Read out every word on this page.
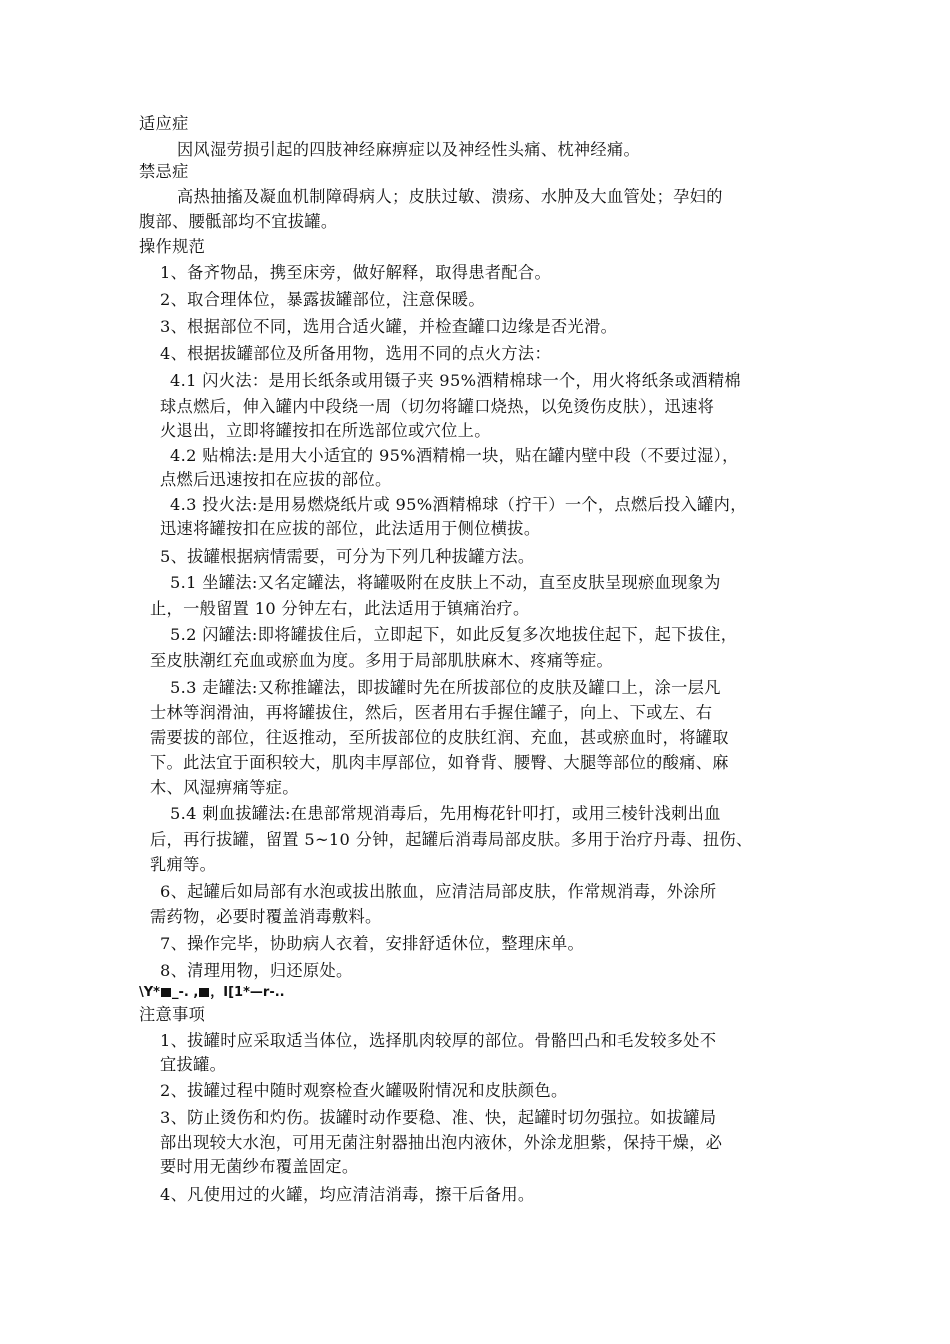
适应症
因风湿劳损引起的四肢神经麻痹症以及神经性头痛、枕神经痛。
禁忌症
高热抽搐及凝血机制障碍病人；皮肤过敏、溃疡、水肿及大血管处；孕妇的
腹部、腰骶部均不宜拔罐。
操作规范
1、备齐物品，携至床旁，做好解释，取得患者配合。
2、取合理体位，暴露拔罐部位，注意保暖。
3、根据部位不同，选用合适火罐，并检查罐口边缘是否光滑。
4、根据拔罐部位及所备用物，选用不同的点火方法：
4.1 闪火法：是用长纸条或用镊子夹 95%酒精棉球一个，用火将纸条或酒精棉
球点燃后，伸入罐内中段绕一周（切勿将罐口烧热，以免烫伤皮肤），迅速将
火退出，立即将罐按扣在所选部位或穴位上。
4.2 贴棉法:是用大小适宜的 95%酒精棉一块，贴在罐内壁中段（不要过湿），
点燃后迅速按扣在应拔的部位。
4.3 投火法:是用易燃烧纸片或 95%酒精棉球（拧干）一个，点燃后投入罐内，
迅速将罐按扣在应拔的部位，此法适用于侧位横拔。
5、拔罐根据病情需要，可分为下列几种拔罐方法。
5.1 坐罐法:又名定罐法，将罐吸附在皮肤上不动，直至皮肤呈现瘀血现象为
止，一般留置 10 分钟左右，此法适用于镇痛治疗。
5.2 闪罐法:即将罐拔住后，立即起下，如此反复多次地拔住起下，起下拔住，
至皮肤潮红充血或瘀血为度。多用于局部肌肤麻木、疼痛等症。
5.3 走罐法:又称推罐法，即拔罐时先在所拔部位的皮肤及罐口上，涂一层凡
士林等润滑油，再将罐拔住，然后，医者用右手握住罐子，向上、下或左、右
需要拔的部位，往返推动，至所拔部位的皮肤红润、充血，甚或瘀血时，将罐取
下。此法宜于面积较大，肌肉丰厚部位，如脊背、腰臀、大腿等部位的酸痛、麻
木、风湿痹痛等症。
5.4 刺血拔罐法:在患部常规消毒后，先用梅花针叩打，或用三棱针浅刺出血
后，再行拔罐，留置 5~10 分钟，起罐后消毒局部皮肤。多用于治疗丹毒、扭伤、
乳痈等。
6、起罐后如局部有水泡或拔出脓血，应清洁局部皮肤，作常规消毒，外涂所
需药物，必要时覆盖消毒敷料。
7、操作完毕，协助病人衣着，安排舒适休位，整理床单。
8、清理用物，归还原处。
\Y* _-. , ，I[1*—r-..
注意事项
1、拔罐时应采取适当体位，选择肌肉较厚的部位。骨骼凹凸和毛发较多处不
宜拔罐。
2、拔罐过程中随时观察检查火罐吸附情况和皮肤颜色。
3、防止烫伤和灼伤。拔罐时动作要稳、准、快，起罐时切勿强拉。如拔罐局
部出现较大水泡，可用无菌注射器抽出泡内液休，外涂龙胆紫，保持干燥，必
要时用无菌纱布覆盖固定。
4、凡使用过的火罐，均应清洁消毒，擦干后备用。
